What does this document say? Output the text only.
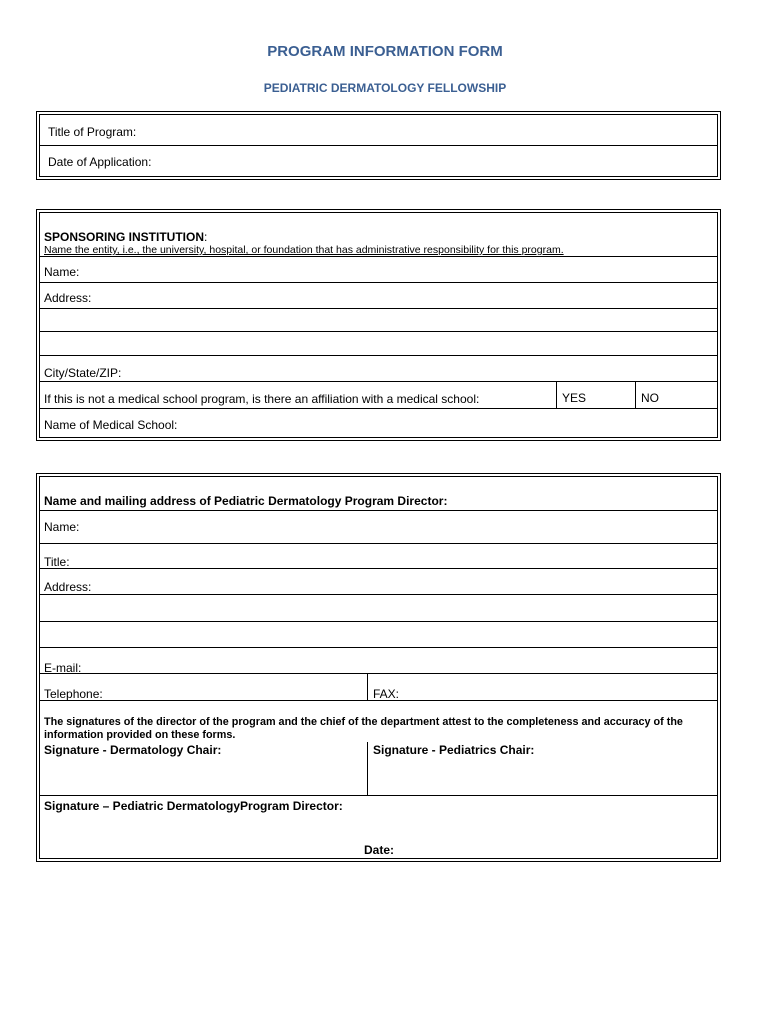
PROGRAM INFORMATION FORM
PEDIATRIC DERMATOLOGY FELLOWSHIP
Title of Program:
Date of Application:
SPONSORING INSTITUTION:
Name the entity, i.e., the university, hospital, or foundation that has administrative responsibility for this program.
Name:
Address:
City/State/ZIP:
If this is not a medical school program, is there an affiliation with a medical school:	YES	NO
Name of Medical School:
Name and mailing address of Pediatric Dermatology Program Director:
Name:
Title:
Address:
E-mail:
Telephone:	FAX:
The signatures of the director of the program and the chief of the department attest to the completeness and accuracy of the
information provided on these forms.
Signature - Dermatology Chair:	Signature - Pediatrics Chair:
Signature – Pediatric DermatologyProgram Director:
Date:
